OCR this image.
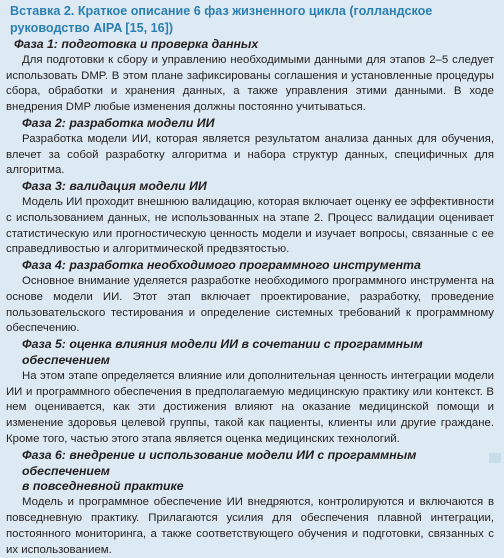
Вставка 2. Краткое описание 6 фаз жизненного цикла (голландское руководство AIPA [15, 16])

Фаза 1: подготовка и проверка данных

Для подготовки к сбору и управлению необходимыми данными для этапов 2–5 следует использовать DMP. В этом плане зафиксированы соглашения и установленные процедуры сбора, обработки и хранения данных, а также управления этими данными. В ходе внедрения DMP любые изменения должны постоянно учитываться.

Фаза 2: разработка модели ИИ

Разработка модели ИИ, которая является результатом анализа данных для обучения, влечет за собой разработку алгоритма и набора структур данных, специфичных для алгоритма.

Фаза 3: валидация модели ИИ

Модель ИИ проходит внешнюю валидацию, которая включает оценку ее эффективности с использованием данных, не использованных на этапе 2. Процесс валидации оценивает статистическую или прогностическую ценность модели и изучает вопросы, связанные с ее справедливостью и алгоритмической предвзятостью.

Фаза 4: разработка необходимого программного инструмента

Основное внимание уделяется разработке необходимого программного инструмента на основе модели ИИ. Этот этап включает проектирование, разработку, проведение пользовательского тестирования и определение системных требований к программному обеспечению.

Фаза 5: оценка влияния модели ИИ в сочетании с программным обеспечением

На этом этапе определяется влияние или дополнительная ценность интеграции модели ИИ и программного обеспечения в предполагаемую медицинскую практику или контекст. В нем оценивается, как эти достижения влияют на оказание медицинской помощи и изменение здоровья целевой группы, такой как пациенты, клиенты или другие граждане. Кроме того, частью этого этапа является оценка медицинских технологий.

Фаза 6: внедрение и использование модели ИИ с программным обеспечением

в повседневной практике

Модель и программное обеспечение ИИ внедряются, контролируются и включаются в повседневную практику. Прилагаются усилия для обеспечения плавной интеграции, постоянного мониторинга, а также соответствующего обучения и подготовки, связанных с их использованием.
